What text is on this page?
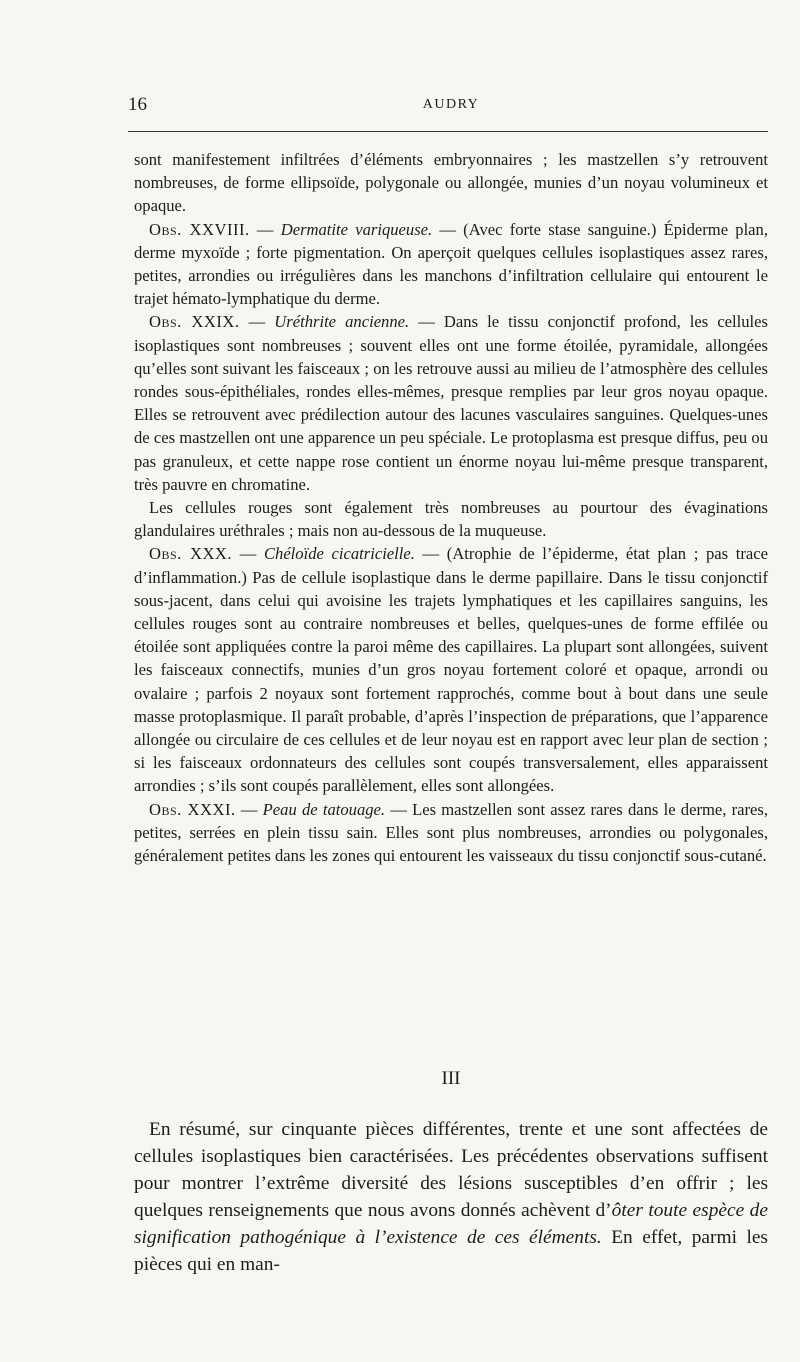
16	AUDRY

sont manifestement infiltrées d’éléments embryonnaires ; les mastzellen s’y retrouvent nombreuses, de forme ellipsoïde, polygonale ou allongée, munies d’un noyau volumineux et opaque.

Obs. XXVIII. — Dermatite variqueuse. — (Avec forte stase sanguine.) Épiderme plan, derme myxoïde ; forte pigmentation. On aperçoit quelques cellules isoplastiques assez rares, petites, arrondies ou irrégulières dans les manchons d’infiltration cellulaire qui entourent le trajet hémato-lymphatique du derme.

Obs. XXIX. — Uréthrite ancienne. — Dans le tissu conjonctif profond, les cellules isoplastiques sont nombreuses ; souvent elles ont une forme étoilée, pyramidale, allongées qu’elles sont suivant les faisceaux ; on les retrouve aussi au milieu de l’atmosphère des cellules rondes sous-épithéliales, rondes elles-mêmes, presque remplies par leur gros noyau opaque. Elles se retrouvent avec prédilection autour des lacunes vasculaires sanguines. Quelques-unes de ces mastzellen ont une apparence un peu spéciale. Le protoplasma est presque diffus, peu ou pas granuleux, et cette nappe rose contient un énorme noyau lui-même presque transparent, très pauvre en chromatine.

Les cellules rouges sont également très nombreuses au pourtour des évaginations glandulaires uréthrales ; mais non au-dessous de la muqueuse.

Obs. XXX. — Chéloïde cicatricielle. — (Atrophie de l’épiderme, état plan ; pas trace d’inflammation.) Pas de cellule isoplastique dans le derme papillaire. Dans le tissu conjonctif sous-jacent, dans celui qui avoisine les trajets lymphatiques et les capillaires sanguins, les cellules rouges sont au contraire nombreuses et belles, quelques-unes de forme effilée ou étoilée sont appliquées contre la paroi même des capillaires. La plupart sont allongées, suivent les faisceaux connectifs, munies d’un gros noyau fortement coloré et opaque, arrondi ou ovalaire ; parfois 2 noyaux sont fortement rapprochés, comme bout à bout dans une seule masse protoplasmique. Il paraît probable, d’après l’inspection de préparations, que l’apparence allongée ou circulaire de ces cellules et de leur noyau est en rapport avec leur plan de section ; si les faisceaux ordonnateurs des cellules sont coupés transversalement, elles apparaissent arrondies ; s’ils sont coupés parallèlement, elles sont allongées.

Obs. XXXI. — Peau de tatouage. — Les mastzellen sont assez rares dans le derme, rares, petites, serrées en plein tissu sain. Elles sont plus nombreuses, arrondies ou polygonales, généralement petites dans les zones qui entourent les vaisseaux du tissu conjonctif sous-cutané.

III

En résumé, sur cinquante pièces différentes, trente et une sont affectées de cellules isoplastiques bien caractérisées. Les précédentes observations suffisent pour montrer l’extrême diversité des lésions susceptibles d’en offrir ; les quelques renseignements que nous avons donnés achèvent d’ôter toute espèce de signification pathogénique à l’existence de ces éléments. En effet, parmi les pièces qui en man-
